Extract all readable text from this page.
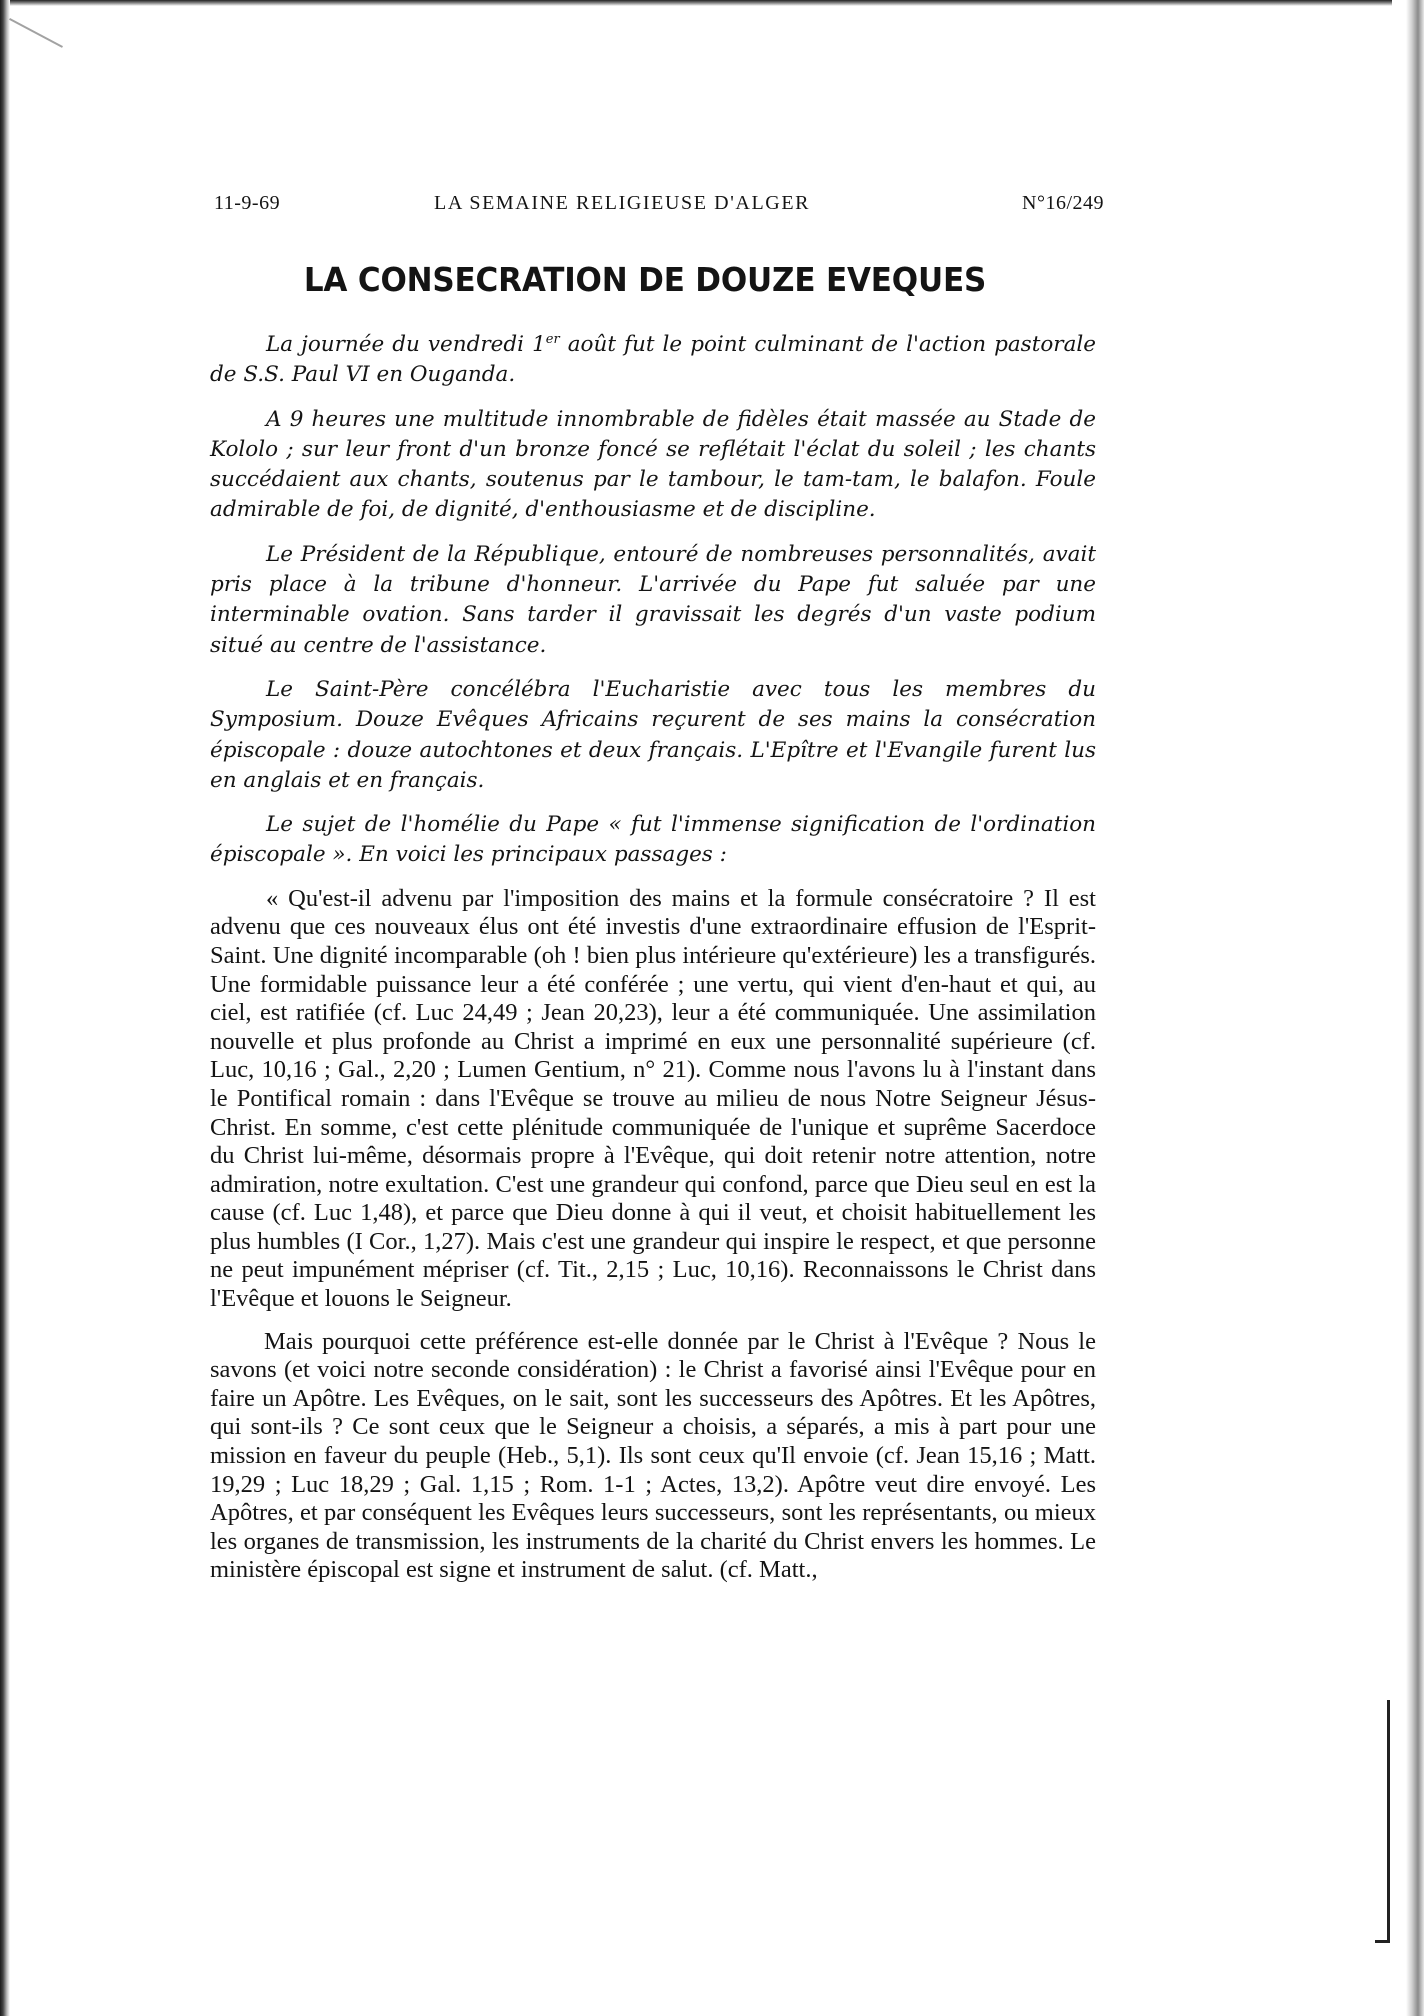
11-9-69	LA SEMAINE RELIGIEUSE D'ALGER	N°16/249
LA CONSECRATION DE DOUZE EVEQUES

La journée du vendredi 1er août fut le point culminant de l'action pastorale de S.S. Paul VI en Ouganda.

A 9 heures une multitude innombrable de fidèles était massée au Stade de Kololo ; sur leur front d'un bronze foncé se reflétait l'éclat du soleil ; les chants succédaient aux chants, soutenus par le tambour, le tam-tam, le balafon. Foule admirable de foi, de dignité, d'enthousiasme et de discipline.

Le Président de la République, entouré de nombreuses personnalités, avait pris place à la tribune d'honneur. L'arrivée du Pape fut saluée par une interminable ovation. Sans tarder il gravissait les degrés d'un vaste podium situé au centre de l'assistance.

Le Saint-Père concélébra l'Eucharistie avec tous les membres du Symposium. Douze Evêques Africains reçurent de ses mains la consécration épiscopale : douze autochtones et deux français. L'Epître et l'Evangile furent lus en anglais et en français.

Le sujet de l'homélie du Pape « fut l'immense signification de l'ordination épiscopale ». En voici les principaux passages :

« Qu'est-il advenu par l'imposition des mains et la formule consécratoire ? Il est advenu que ces nouveaux élus ont été investis d'une extraordinaire effusion de l'Esprit-Saint. Une dignité incomparable (oh ! bien plus intérieure qu'extérieure) les a transfigurés. Une formidable puissance leur a été conférée ; une vertu, qui vient d'en-haut et qui, au ciel, est ratifiée (cf. Luc 24,49 ; Jean 20,23), leur a été communiquée. Une assimilation nouvelle et plus profonde au Christ a imprimé en eux une personnalité supérieure (cf. Luc, 10,16 ; Gal., 2,20 ; Lumen Gentium, n° 21). Comme nous l'avons lu à l'instant dans le Pontifical romain : dans l'Evêque se trouve au milieu de nous Notre Seigneur Jésus-Christ. En somme, c'est cette plénitude communiquée de l'unique et suprême Sacerdoce du Christ lui-même, désormais propre à l'Evêque, qui doit retenir notre attention, notre admiration, notre exultation. C'est une grandeur qui confond, parce que Dieu seul en est la cause (cf. Luc 1,48), et parce que Dieu donne à qui il veut, et choisit habituellement les plus humbles (I Cor., 1,27). Mais c'est une grandeur qui inspire le respect, et que personne ne peut impunément mépriser (cf. Tit., 2,15 ; Luc, 10,16). Reconnaissons le Christ dans l'Evêque et louons le Seigneur.

Mais pourquoi cette préférence est-elle donnée par le Christ à l'Evêque ? Nous le savons (et voici notre seconde considération) : le Christ a favorisé ainsi l'Evêque pour en faire un Apôtre. Les Evêques, on le sait, sont les successeurs des Apôtres. Et les Apôtres, qui sont-ils ? Ce sont ceux que le Seigneur a choisis, a séparés, a mis à part pour une mission en faveur du peuple (Heb., 5,1). Ils sont ceux qu'Il envoie (cf. Jean 15,16 ; Matt. 19,29 ; Luc 18,29 ; Gal. 1,15 ; Rom. 1-1 ; Actes, 13,2). Apôtre veut dire envoyé. Les Apôtres, et par conséquent les Evêques leurs successeurs, sont les représentants, ou mieux les organes de transmission, les instruments de la charité du Christ envers les hommes. Le ministère épiscopal est signe et instrument de salut. (cf. Matt.,
